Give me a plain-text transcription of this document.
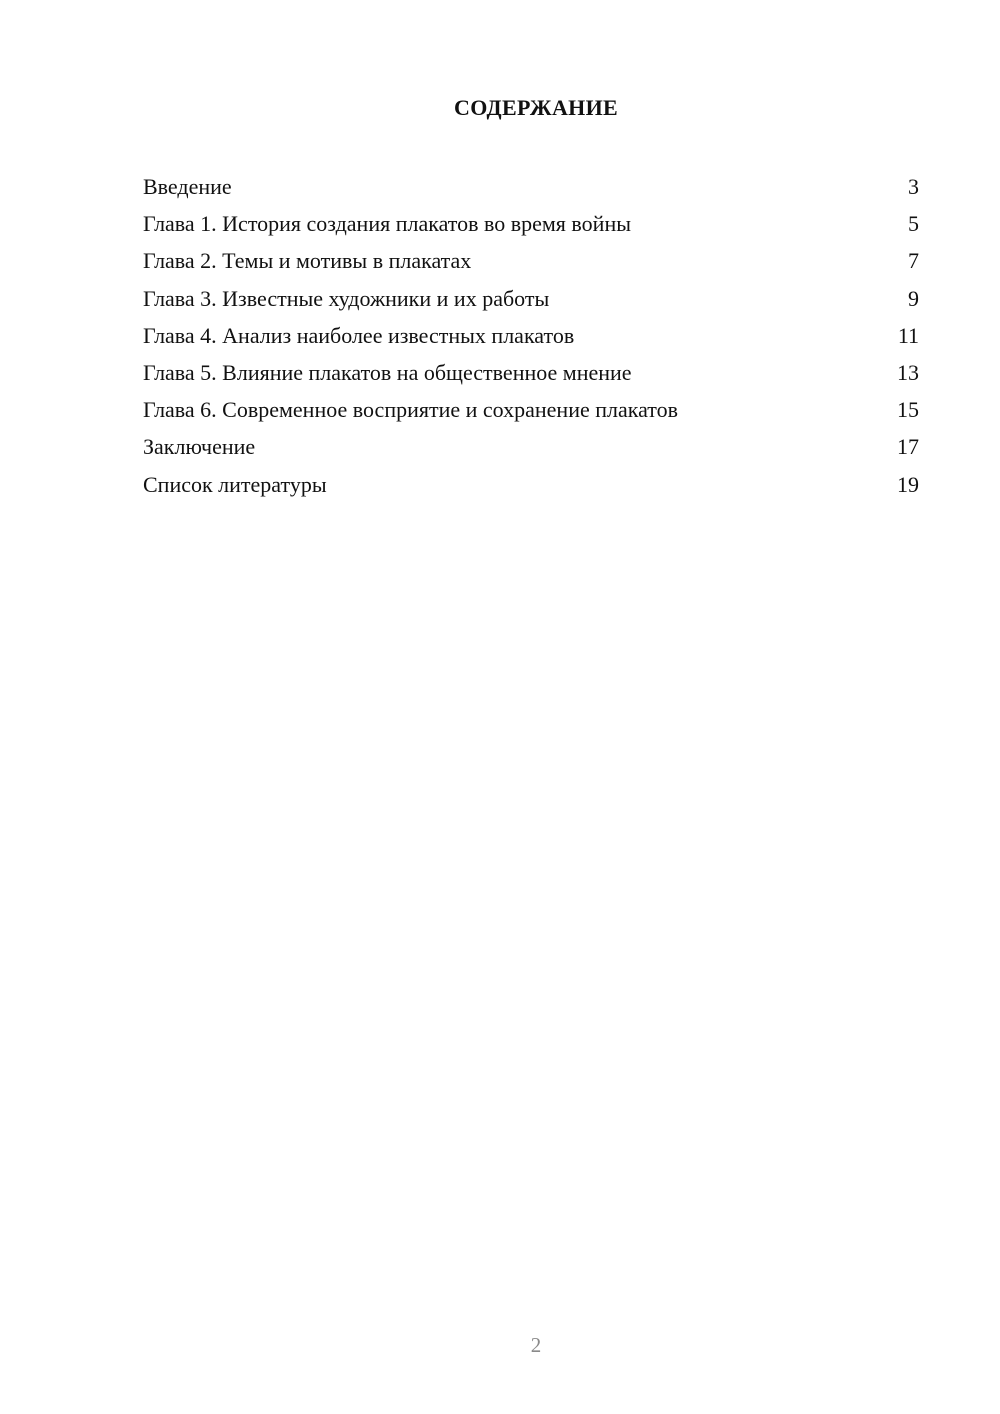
СОДЕРЖАНИЕ
Введение	3
Глава 1. История создания плакатов во время войны	5
Глава 2. Темы и мотивы в плакатах	7
Глава 3. Известные художники и их работы	9
Глава 4. Анализ наиболее известных плакатов	11
Глава 5. Влияние плакатов на общественное мнение	13
Глава 6. Современное восприятие и сохранение плакатов	15
Заключение	17
Список литературы	19
2
